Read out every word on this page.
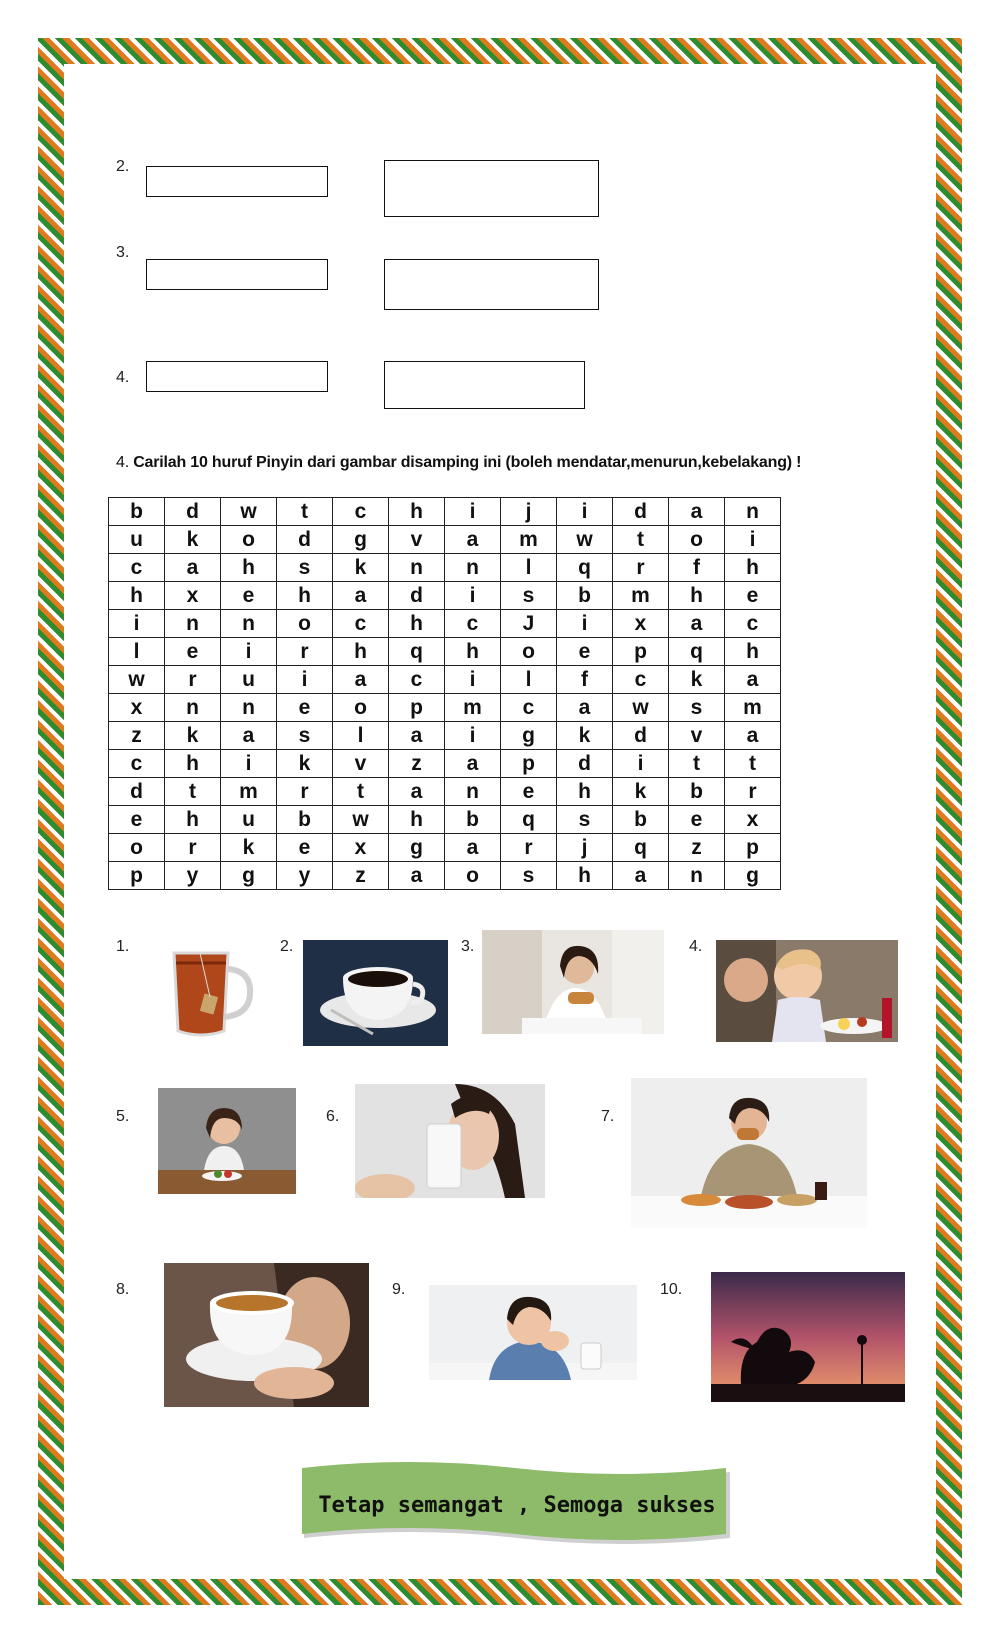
2.
3.
4.
4. Carilah 10 huruf Pinyin dari gambar disamping ini (boleh mendatar,menurun,kebelakang) !
b	d	w	t	c	h	i	j	i	d	a	n
u	k	o	d	g	v	a	m	w	t	o	i
c	a	h	s	k	n	n	l	q	r	f	h
h	x	e	h	a	d	i	s	b	m	h	e
i	n	n	o	c	h	c	J	i	x	a	c
l	e	i	r	h	q	h	o	e	p	q	h
w	r	u	i	a	c	i	l	f	c	k	a
x	n	n	e	o	p	m	c	a	w	s	m
z	k	a	s	l	a	i	g	k	d	v	a
c	h	i	k	v	z	a	p	d	i	t	t
d	t	m	r	t	a	n	e	h	k	b	r
e	h	u	b	w	h	b	q	s	b	e	x
o	r	k	e	x	g	a	r	j	q	z	p
p	y	g	y	z	a	o	s	h	a	n	g
1.	2.	3.	4.
5.	6.	7.
8.	9.	10.
Tetap semangat , Semoga sukses
